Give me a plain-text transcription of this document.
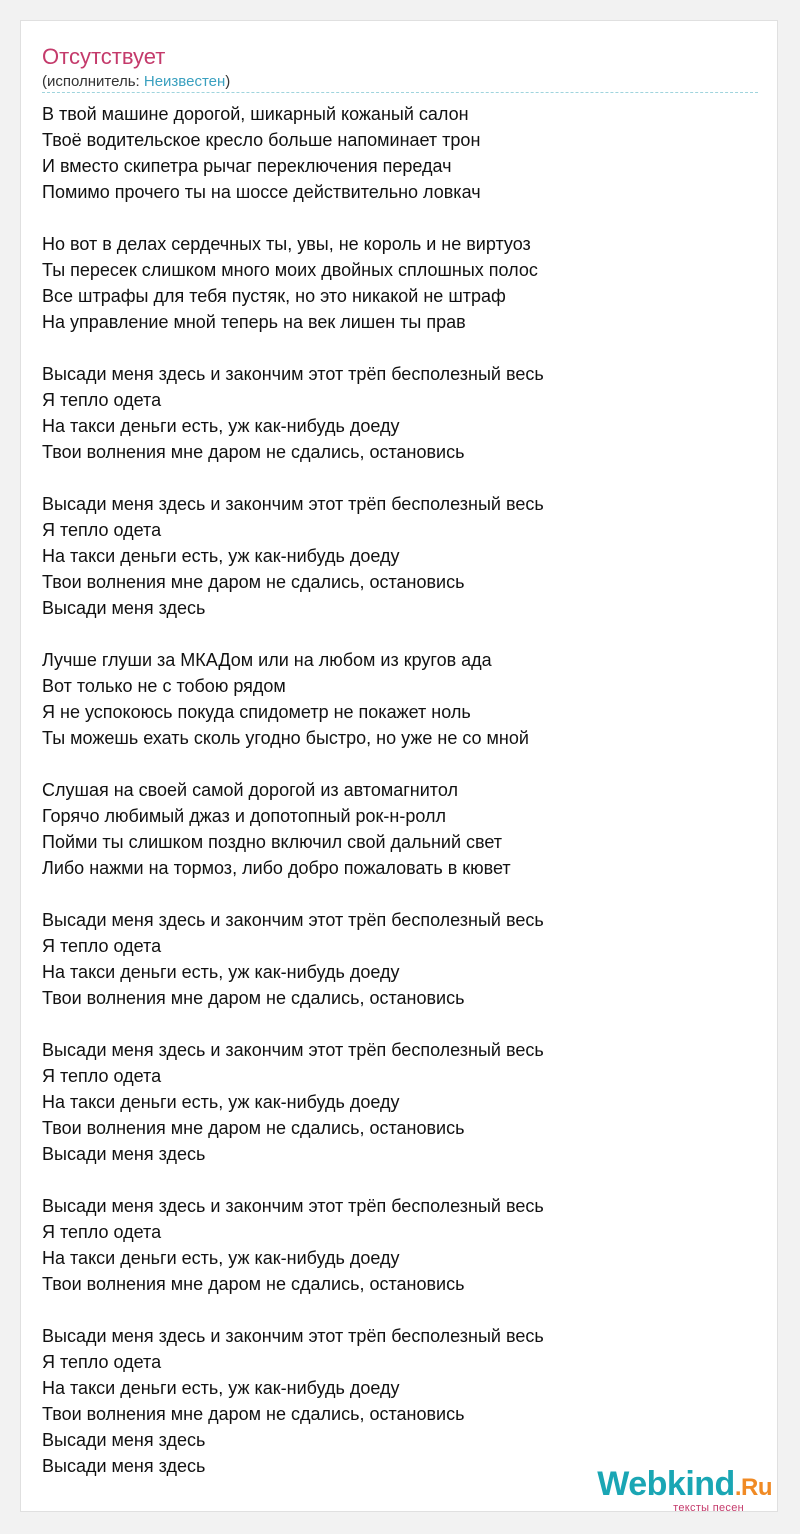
Отсутствует
(исполнитель: Неизвестен)
В твой машине дорогой, шикарный кожаный салон
Твоё водительское кресло больше напоминает трон
И вместо скипетра рычаг переключения передач
Помимо прочего ты на шоссе действительно ловкач
Но вот в делах сердечных ты, увы, не король и не виртуоз
Ты пересек слишком много моих двойных сплошных полос
Все штрафы для тебя пустяк, но это никакой не штраф
На управление мной теперь на век лишен ты прав
Высади меня здесь и закончим этот трёп бесполезный весь
Я тепло одета
На такси деньги есть, уж как-нибудь доеду
Твои волнения мне даром не сдались, остановись
Высади меня здесь и закончим этот трёп бесполезный весь
Я тепло одета
На такси деньги есть, уж как-нибудь доеду
Твои волнения мне даром не сдались, остановись
Высади меня здесь
Лучше глуши за МКАДом или на любом из кругов ада
Вот только не с тобою рядом
Я не успокоюсь покуда спидометр не покажет ноль
Ты можешь ехать сколь угодно быстро, но уже не со мной
Слушая на своей самой дорогой из автомагнитол
Горячо любимый джаз и допотопный рок-н-ролл
Пойми ты слишком поздно включил свой дальний свет
Либо нажми на тормоз, либо добро пожаловать в кювет
Высади меня здесь и закончим этот трёп бесполезный весь
Я тепло одета
На такси деньги есть, уж как-нибудь доеду
Твои волнения мне даром не сдались, остановись
Высади меня здесь и закончим этот трёп бесполезный весь
Я тепло одета
На такси деньги есть, уж как-нибудь доеду
Твои волнения мне даром не сдались, остановись
Высади меня здесь
Высади меня здесь и закончим этот трёп бесполезный весь
Я тепло одета
На такси деньги есть, уж как-нибудь доеду
Твои волнения мне даром не сдались, остановись
Высади меня здесь и закончим этот трёп бесполезный весь
Я тепло одета
На такси деньги есть, уж как-нибудь доеду
Твои волнения мне даром не сдались, остановись
Высади меня здесь
Высади меня здесь	Webkind.Ru
тексты песен
